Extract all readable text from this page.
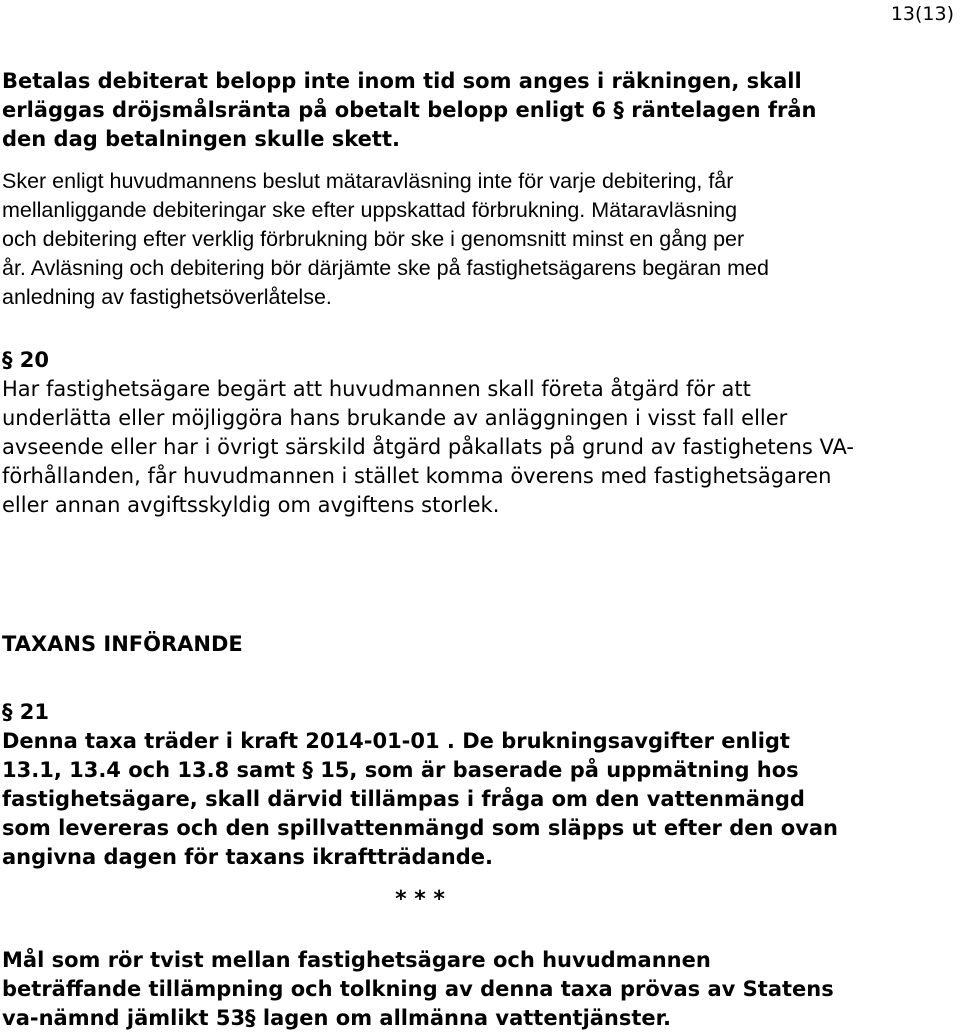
13(13)
Betalas debiterat belopp inte inom tid som anges i räkningen, skall
erläggas dröjsmålsränta på obetalt belopp enligt 6 § räntelagen från
den dag betalningen skulle skett.
Sker enligt huvudmannens beslut mätaravläsning inte för varje debitering, får
mellanliggande debiteringar ske efter uppskattad förbrukning. Mätaravläsning
och debitering efter verklig förbrukning bör ske i genomsnitt minst en gång per
år. Avläsning och debitering bör därjämte ske på fastighetsägarens begäran med
anledning av fastighetsöverlåtelse.
§ 20
Har fastighetsägare begärt att huvudmannen skall företa åtgärd för att
underlätta eller möjliggöra hans brukande av anläggningen i visst fall eller
avseende eller har i övrigt särskild åtgärd påkallats på grund av fastighetens VA-
förhållanden, får huvudmannen i stället komma överens med fastighetsägaren
eller annan avgiftsskyldig om avgiftens storlek.
TAXANS INFÖRANDE
§ 21
Denna taxa träder i kraft 2014-01-01 . De brukningsavgifter enligt
13.1, 13.4 och 13.8 samt § 15, som är baserade på uppmätning hos
fastighetsägare, skall därvid tillämpas i fråga om den vattenmängd
som levereras och den spillvattenmängd som släpps ut efter den ovan
angivna dagen för taxans ikraftträdande.
* * *
Mål som rör tvist mellan fastighetsägare och huvudmannen
beträffande tillämpning och tolkning av denna taxa prövas av Statens
va-nämnd jämlikt 53§ lagen om allmänna vattentjänster.
